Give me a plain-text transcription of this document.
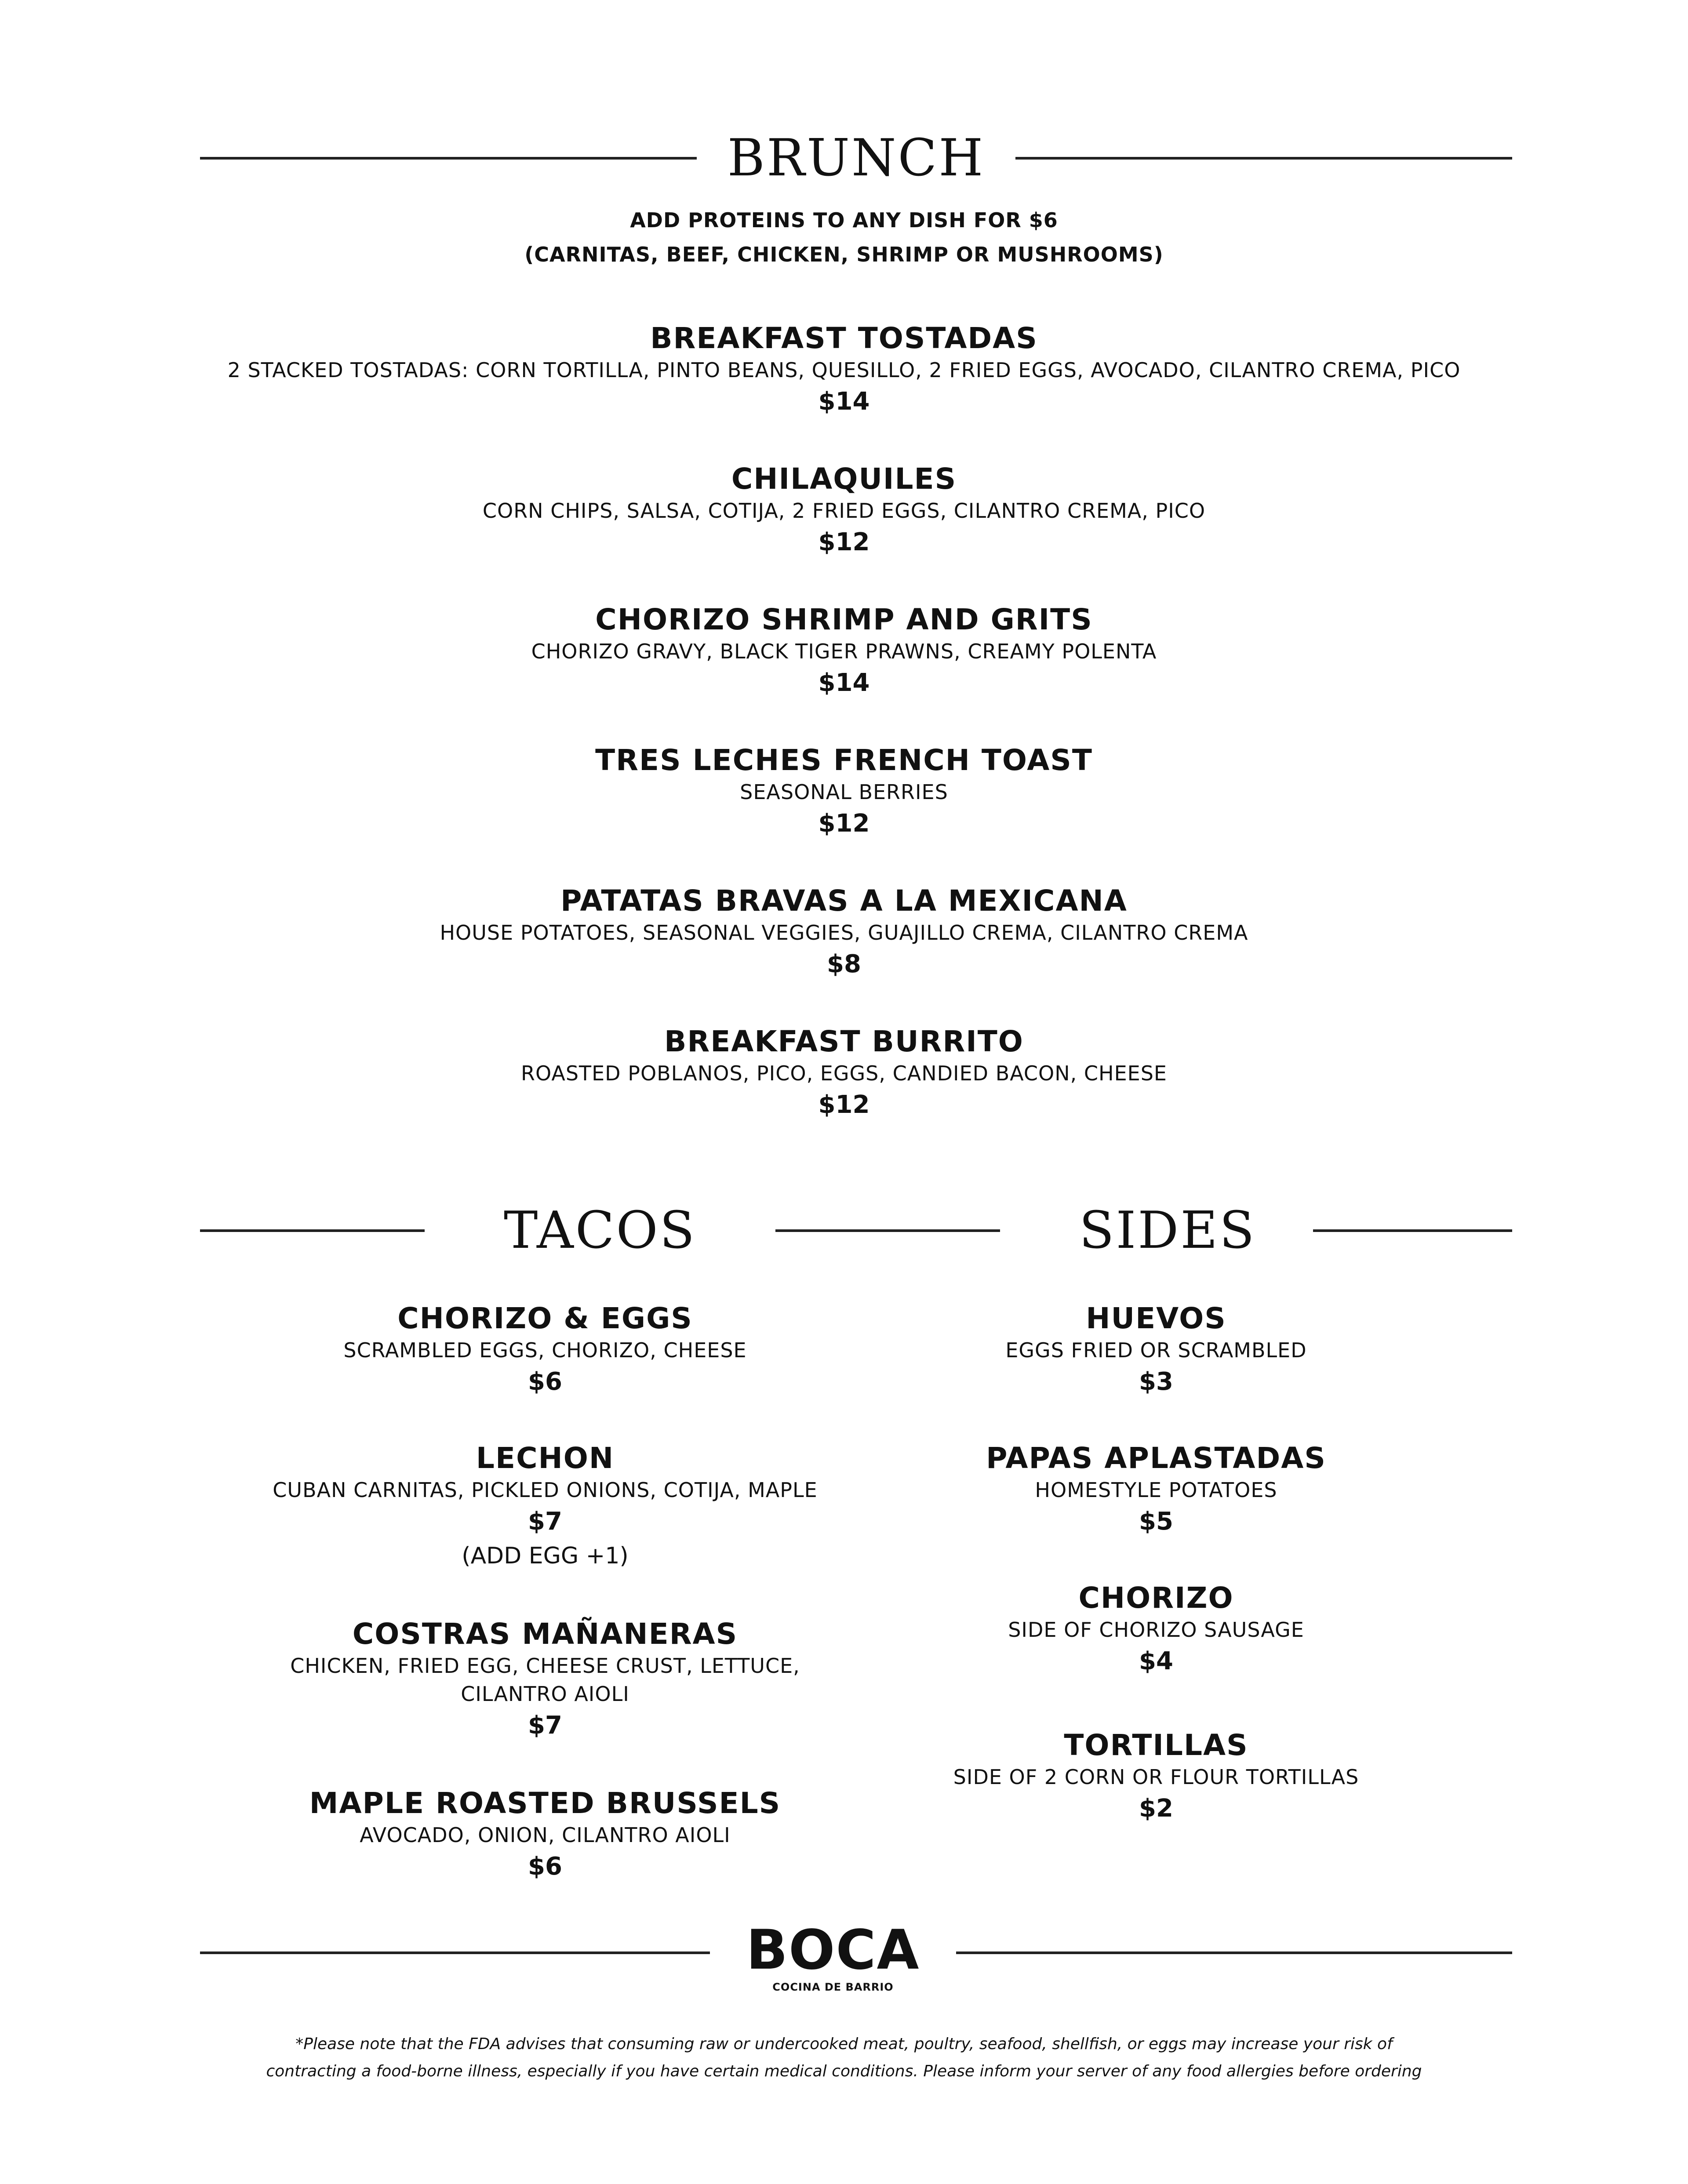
BRUNCH
ADD PROTEINS TO ANY DISH FOR $6
(CARNITAS, BEEF, CHICKEN, SHRIMP OR MUSHROOMS)
BREAKFAST TOSTADAS
2 STACKED TOSTADAS: CORN TORTILLA, PINTO BEANS, QUESILLO, 2 FRIED EGGS, AVOCADO, CILANTRO CREMA, PICO
$14
CHILAQUILES
CORN CHIPS, SALSA, COTIJA, 2 FRIED EGGS, CILANTRO CREMA, PICO
$12
CHORIZO SHRIMP AND GRITS
CHORIZO GRAVY, BLACK TIGER PRAWNS, CREAMY POLENTA
$14
TRES LECHES FRENCH TOAST
SEASONAL BERRIES
$12
PATATAS BRAVAS A LA MEXICANA
HOUSE POTATOES, SEASONAL VEGGIES, GUAJILLO CREMA, CILANTRO CREMA
$8
BREAKFAST BURRITO
ROASTED POBLANOS, PICO, EGGS, CANDIED BACON, CHEESE
$12
TACOS	SIDES
CHORIZO & EGGS
SCRAMBLED EGGS, CHORIZO, CHEESE
$6
LECHON
CUBAN CARNITAS, PICKLED ONIONS, COTIJA, MAPLE
$7
(ADD EGG +1)
COSTRAS MAÑANERAS
CHICKEN, FRIED EGG, CHEESE CRUST, LETTUCE,
CILANTRO AIOLI
$7
MAPLE ROASTED BRUSSELS
AVOCADO, ONION, CILANTRO AIOLI
$6
HUEVOS
EGGS FRIED OR SCRAMBLED
$3
PAPAS APLASTADAS
HOMESTYLE POTATOES
$5
CHORIZO
SIDE OF CHORIZO SAUSAGE
$4
TORTILLAS
SIDE OF 2 CORN OR FLOUR TORTILLAS
$2
BOCA
COCINA DE BARRIO
*Please note that the FDA advises that consuming raw or undercooked meat, poultry, seafood, shellfish, or eggs may increase your risk of
contracting a food-borne illness, especially if you have certain medical conditions. Please inform your server of any food allergies before ordering
